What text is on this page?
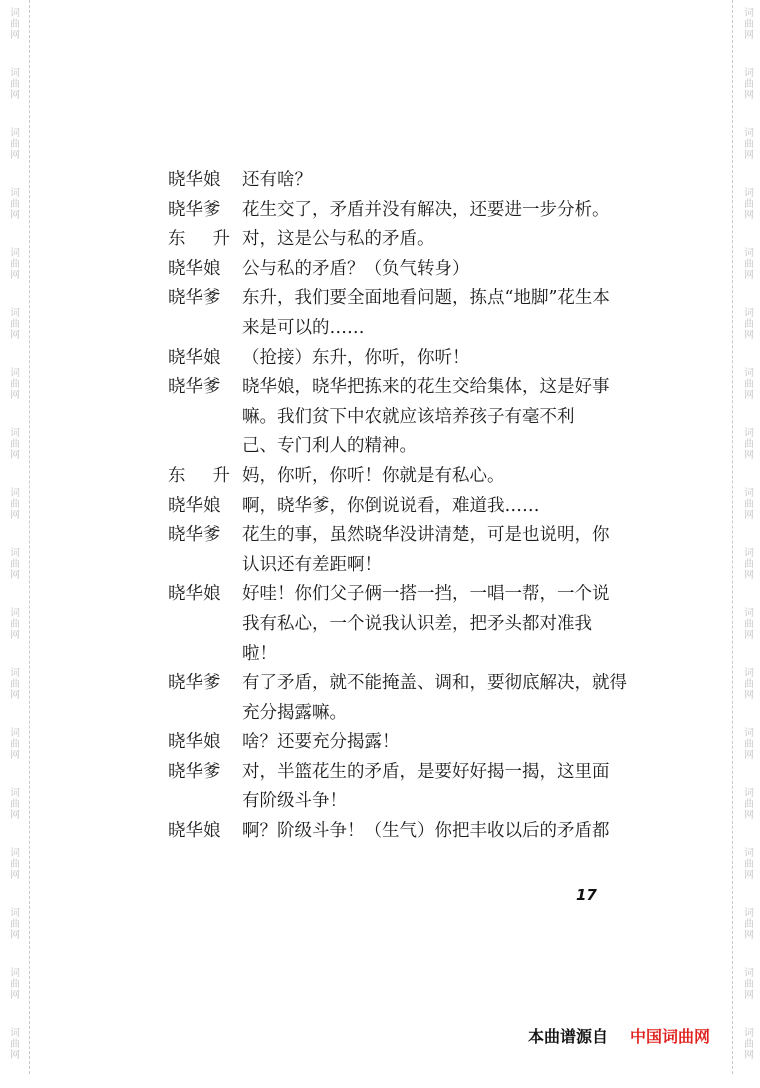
词
曲
网
词
曲
网
词
曲
网
词
曲
网
词
曲
网
词
曲
网
词
曲
网
词
曲
网
词
曲
网
词
曲
网
词
曲
网
词
曲
网
词
曲
网
词
曲
网
词
曲
网
词
曲
网
词
曲
网
词
曲
网
词
曲
网
词
曲
网
词
曲
网
词
曲
网
词
曲
网
词
曲
网
词
曲
网
词
曲
网
词
曲
网
词
曲
网
词
曲
网
词
曲
网
词
曲
网
词
曲
网
词
曲
网
词
曲
网
词
曲
网
词
曲
网
晓华娘	还有啥？
晓华爹	花生交了，矛盾并没有解决，还要进一步分析。
东 升 对，这是公与私的矛盾。
晓华娘	公与私的矛盾？（负气转身）
晓华爹	东升，我们要全面地看问题，拣点“地脚”花生本
来是可以的……
晓华娘	（抢接）东升，你听，你听！
晓华爹	晓华娘，晓华把拣来的花生交给集体，这是好事
嘛。我们贫下中农就应该培养孩子有毫不利
己、专门利人的精神。
东 升 妈，你听，你听！你就是有私心。
晓华娘	啊，晓华爹，你倒说说看，难道我……
晓华爹	花生的事，虽然晓华没讲清楚，可是也说明，你
认识还有差距啊！
晓华娘	好哇！你们父子俩一搭一挡，一唱一帮，一个说
我有私心，一个说我认识差，把矛头都对准我
啦！
晓华爹	有了矛盾，就不能掩盖、调和，要彻底解决，就得
充分揭露嘛。
晓华娘	啥？还要充分揭露！
晓华爹	对，半篮花生的矛盾，是要好好揭一揭，这里面
有阶级斗争！
晓华娘	啊？阶级斗争！（生气）你把丰收以后的矛盾都
17
本曲谱源自 中国词曲网
